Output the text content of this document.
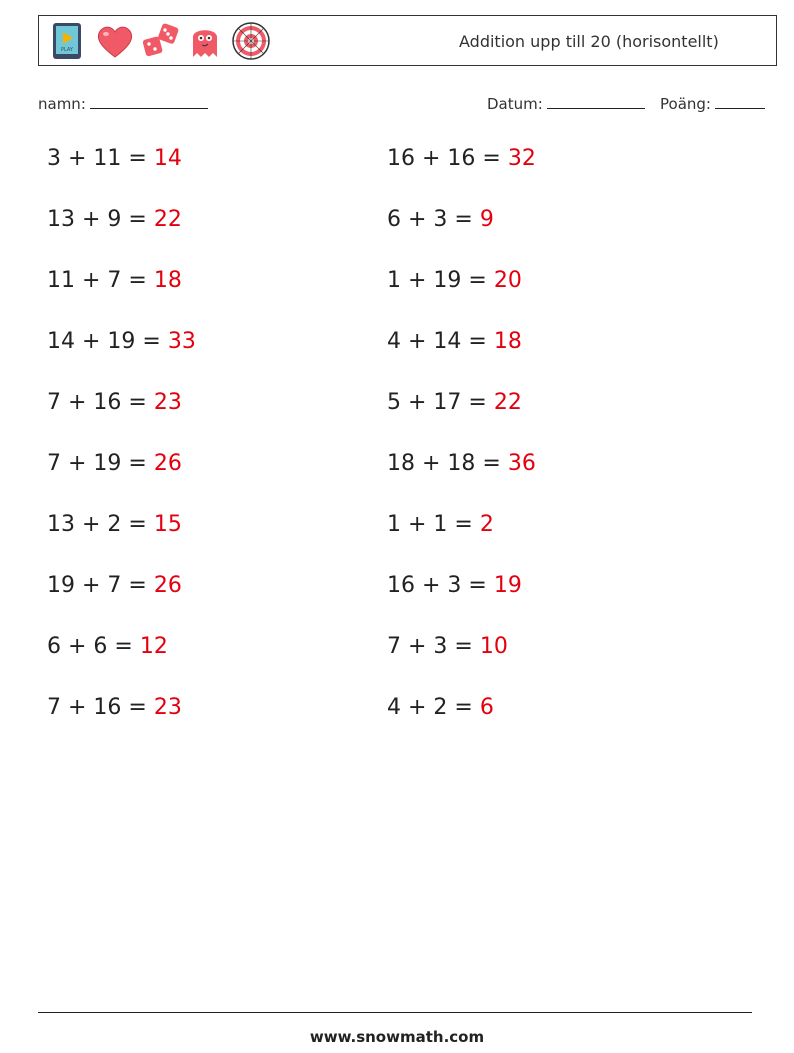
PLAY	Addition upp till 20 (horisontellt)
namn:	Datum:	Poäng:
3 + 11 = 14
13 + 9 = 22
11 + 7 = 18
14 + 19 = 33
7 + 16 = 23
7 + 19 = 26
13 + 2 = 15
19 + 7 = 26
6 + 6 = 12
7 + 16 = 23
16 + 16 = 32
6 + 3 = 9
1 + 19 = 20
4 + 14 = 18
5 + 17 = 22
18 + 18 = 36
1 + 1 = 2
16 + 3 = 19
7 + 3 = 10
4 + 2 = 6
www.snowmath.com
